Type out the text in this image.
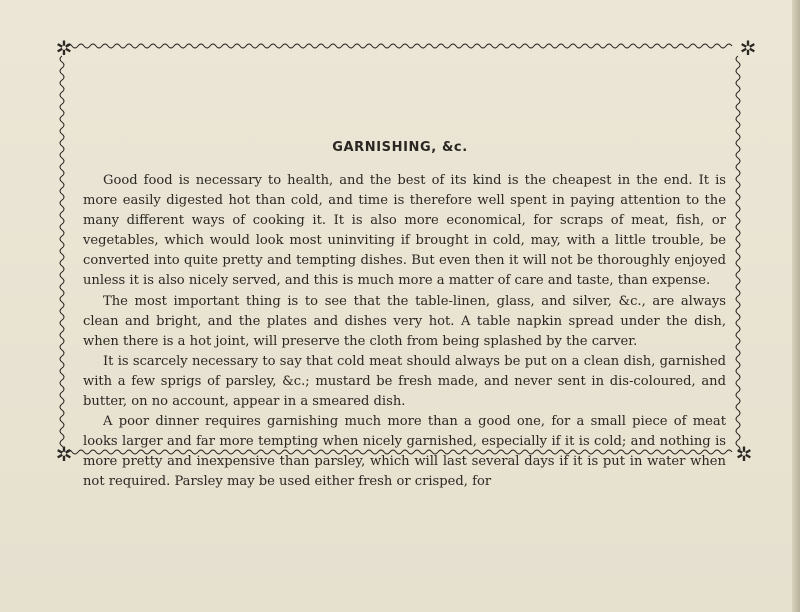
✲	✲
✲	✲
GARNISHING, &c.

Good food is necessary to health, and the best of its kind is the cheapest in the end. It is more easily digested hot than cold, and time is therefore well spent in paying attention to the many different ways of cooking it. It is also more economical, for scraps of meat, fish, or vegetables, which would look most uninviting if brought in cold, may, with a little trouble, be converted into quite pretty and tempting dishes. But even then it will not be thoroughly enjoyed unless it is also nicely served, and this is much more a matter of care and taste, than expense.

The most important thing is to see that the table-linen, glass, and silver, &c., are always clean and bright, and the plates and dishes very hot. A table napkin spread under the dish, when there is a hot joint, will preserve the cloth from being splashed by the carver.

It is scarcely necessary to say that cold meat should always be put on a clean dish, garnished with a few sprigs of parsley, &c.; mustard be fresh made, and never sent in dis-coloured, and butter, on no account, appear in a smeared dish.

A poor dinner requires garnishing much more than a good one, for a small piece of meat looks larger and far more tempting when nicely garnished, especially if it is cold; and nothing is more pretty and inexpensive than parsley, which will last several days if it is put in water when not required. Parsley may be used either fresh or crisped, for
